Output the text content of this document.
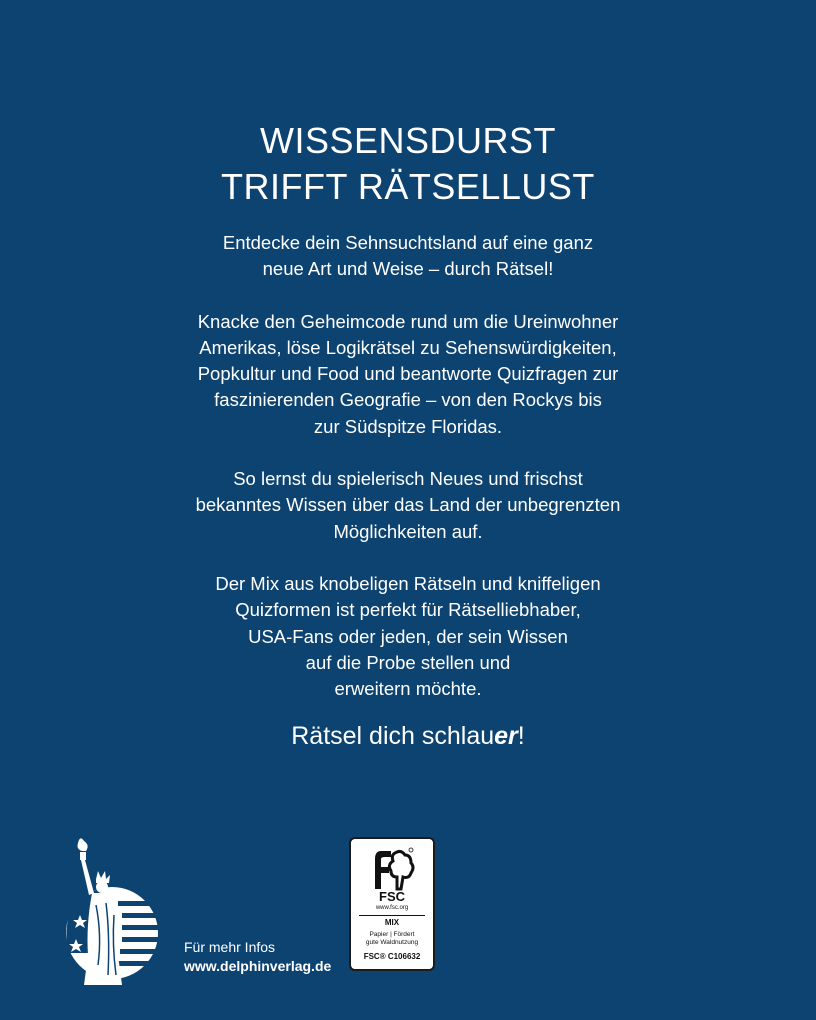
WISSENSDURST
TRIFFT RÄTSELLUST

Entdecke dein Sehnsuchtsland auf eine ganz
neue Art und Weise – durch Rätsel!

Knacke den Geheimcode rund um die Ureinwohner
Amerikas, löse Logikrätsel zu Sehenswürdigkeiten,
Popkultur und Food und beantworte Quizfragen zur
faszinierenden Geografie – von den Rockys bis
zur Südspitze Floridas.

So lernst du spielerisch Neues und frischst
bekanntes Wissen über das Land der unbegrenzten
Möglichkeiten auf.

Der Mix aus knobeligen Rätseln und kniffeligen
Quizformen ist perfekt für Rätselliebhaber,
USA-Fans oder jeden, der sein Wissen
auf die Probe stellen und
erweitern möchte.

Rätsel dich schlauer!
Für mehr Infos
www.delphinverlag.de
FSC
www.fsc.org
MIX
Papier | Fördert
gute Waldnutzung
FSC® C106632
